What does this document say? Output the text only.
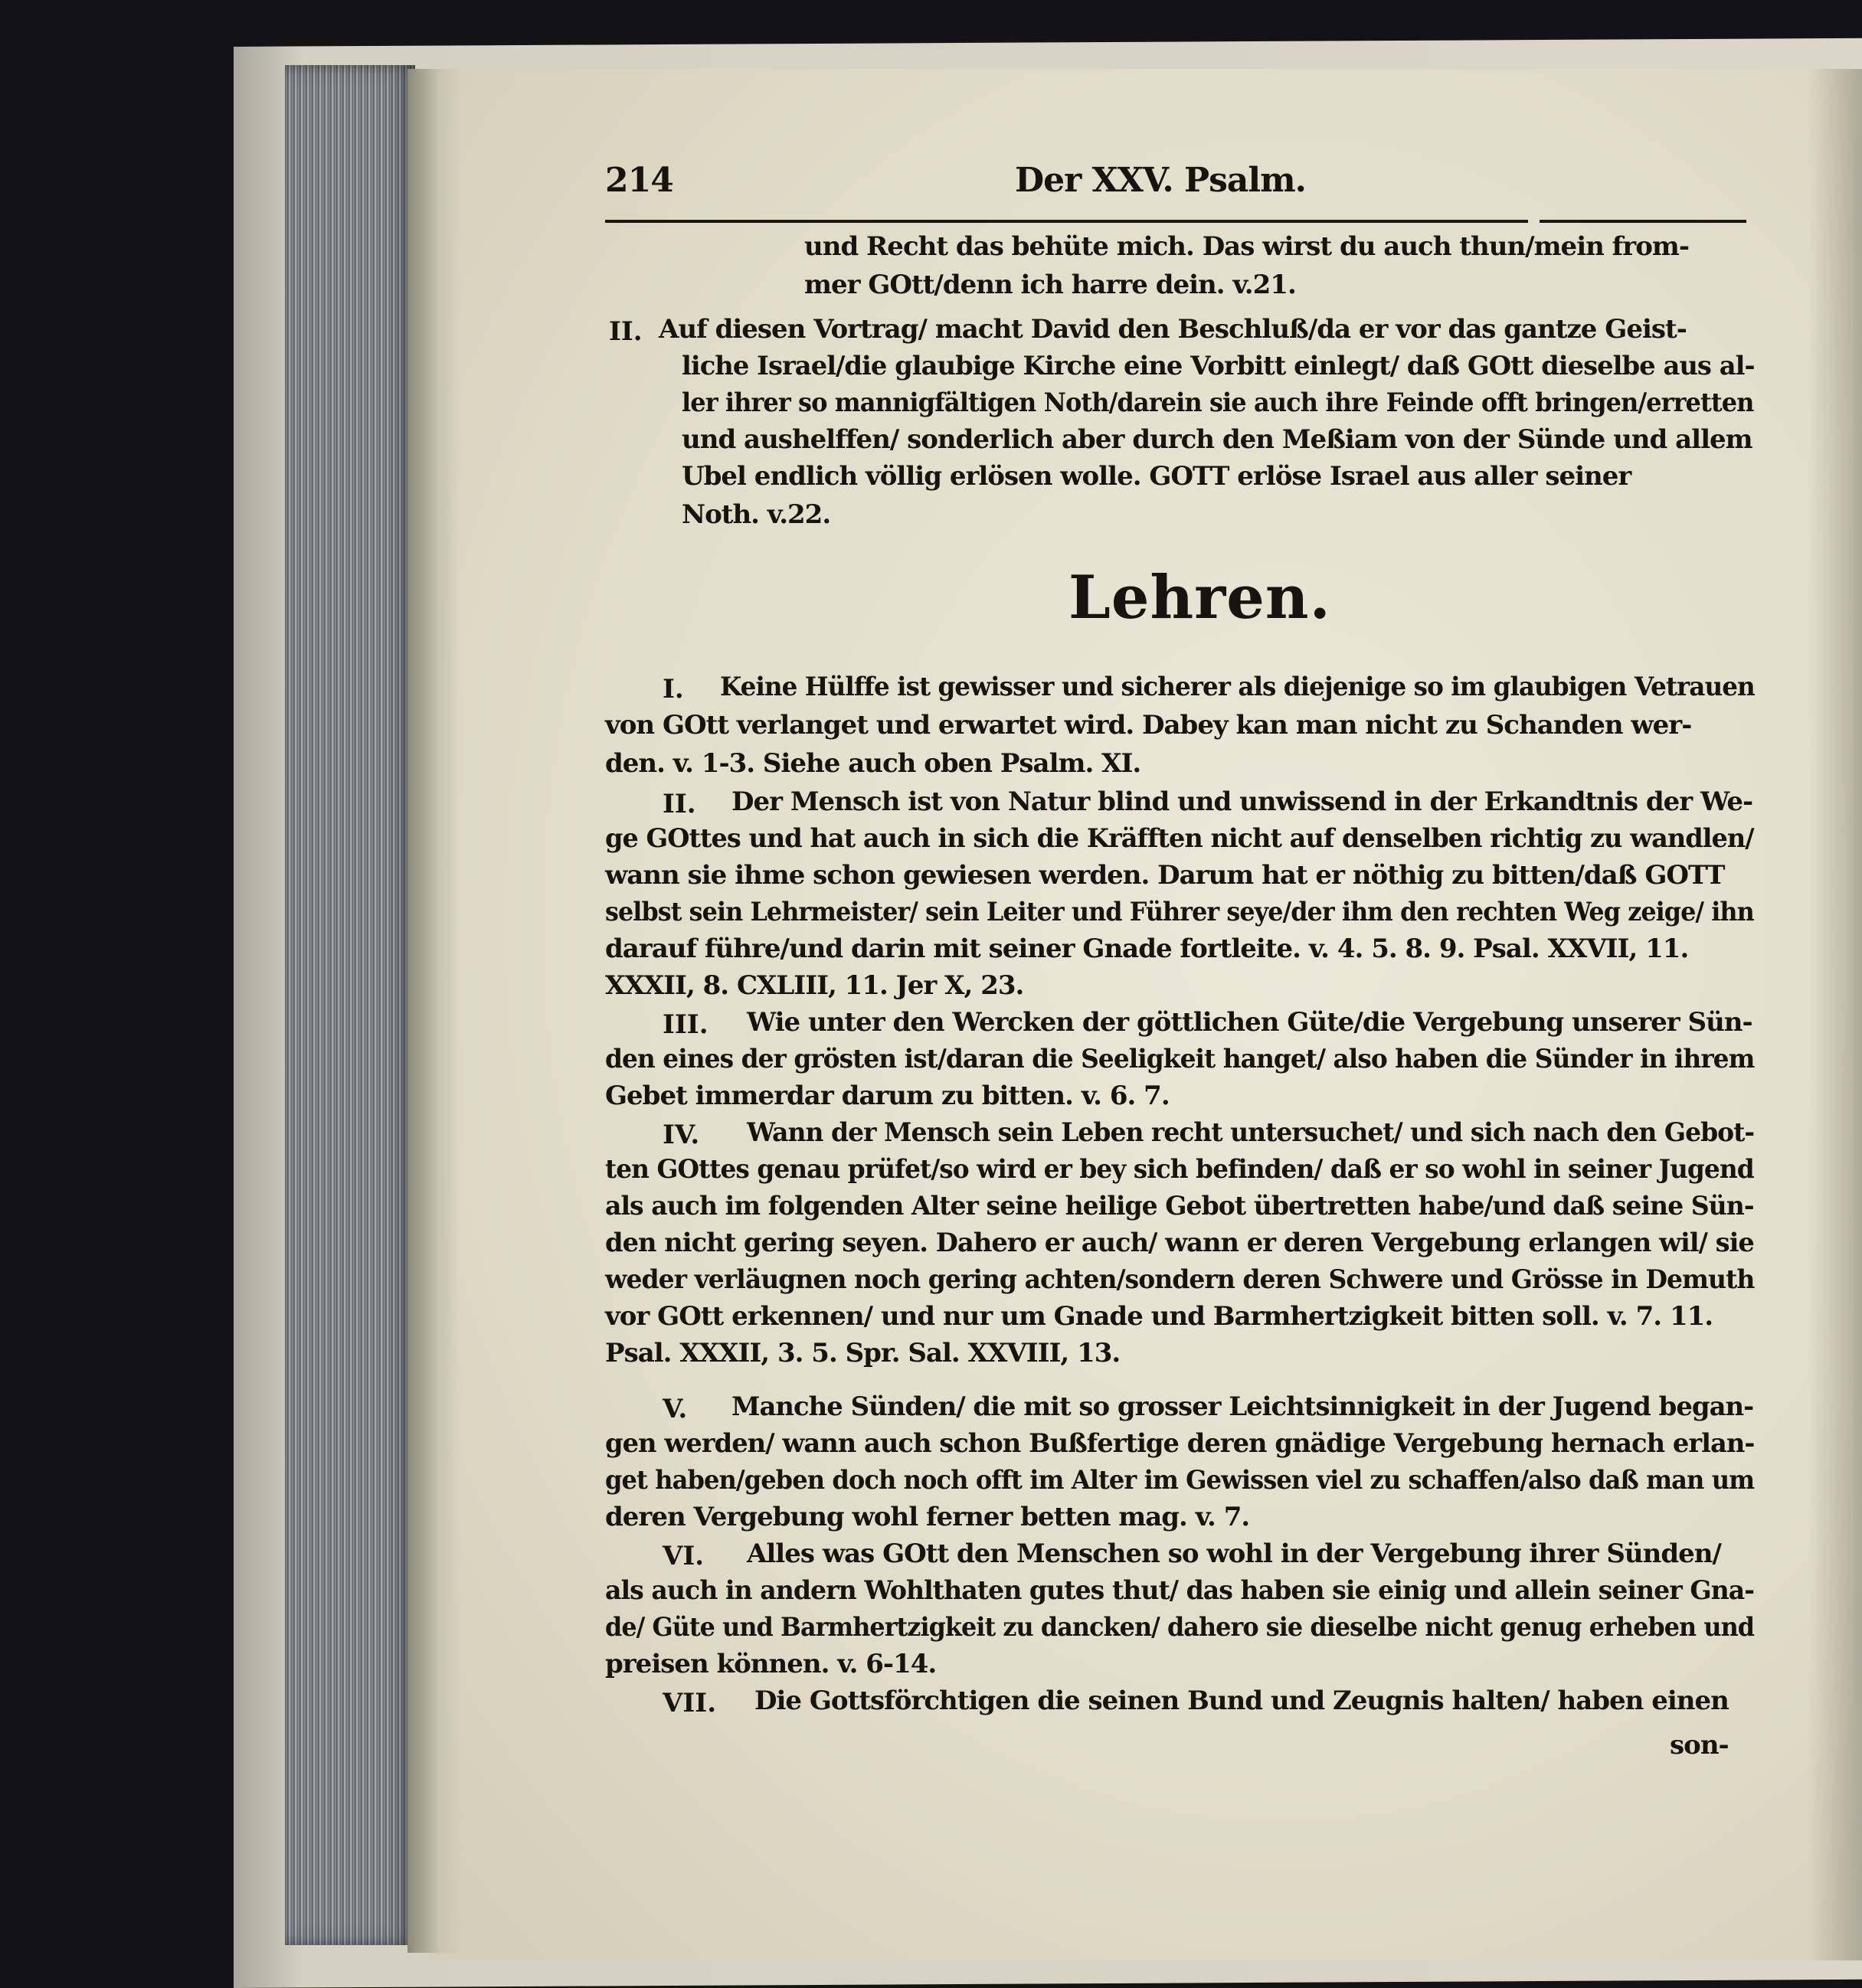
214	Der XXV. Psalm.
und Recht das behüte mich. Das wirst du auch thun/mein from-
mer GOtt/denn ich harre dein. v.21.
II. Auf diesen Vortrag/ macht David den Beschluß/da er vor das gantze Geist-
liche Israel/die glaubige Kirche eine Vorbitt einlegt/ daß GOtt dieselbe aus al-
ler ihrer so mannigfältigen Noth/darein sie auch ihre Feinde offt bringen/erretten
und aushelffen/ sonderlich aber durch den Meßiam von der Sünde und allem
Ubel endlich völlig erlösen wolle. GOTT erlöse Israel aus aller seiner
Noth. v.22.
Lehren.
I. Keine Hülffe ist gewisser und sicherer als diejenige so im glaubigen Vetrauen
von GOtt verlanget und erwartet wird. Dabey kan man nicht zu Schanden wer-
den. v. 1-3. Siehe auch oben Psalm. XI.
II. Der Mensch ist von Natur blind und unwissend in der Erkandtnis der We-
ge GOttes und hat auch in sich die Kräfften nicht auf denselben richtig zu wandlen/
wann sie ihme schon gewiesen werden. Darum hat er nöthig zu bitten/daß GOTT
selbst sein Lehrmeister/ sein Leiter und Führer seye/der ihm den rechten Weg zeige/ ihn
darauf führe/und darin mit seiner Gnade fortleite. v. 4. 5. 8. 9. Psal. XXVII, 11.
XXXII, 8. CXLIII, 11. Jer X, 23.
III. Wie unter den Wercken der göttlichen Güte/die Vergebung unserer Sün-
den eines der grösten ist/daran die Seeligkeit hanget/ also haben die Sünder in ihrem
Gebet immerdar darum zu bitten. v. 6. 7.
IV. Wann der Mensch sein Leben recht untersuchet/ und sich nach den Gebot-
ten GOttes genau prüfet/so wird er bey sich befinden/ daß er so wohl in seiner Jugend
als auch im folgenden Alter seine heilige Gebot übertretten habe/und daß seine Sün-
den nicht gering seyen. Dahero er auch/ wann er deren Vergebung erlangen wil/ sie
weder verläugnen noch gering achten/sondern deren Schwere und Grösse in Demuth
vor GOtt erkennen/ und nur um Gnade und Barmhertzigkeit bitten soll. v. 7. 11.
Psal. XXXII, 3. 5. Spr. Sal. XXVIII, 13.
V. Manche Sünden/ die mit so grosser Leichtsinnigkeit in der Jugend began-
gen werden/ wann auch schon Bußfertige deren gnädige Vergebung hernach erlan-
get haben/geben doch noch offt im Alter im Gewissen viel zu schaffen/also daß man um
deren Vergebung wohl ferner betten mag. v. 7.
VI. Alles was GOtt den Menschen so wohl in der Vergebung ihrer Sünden/
als auch in andern Wohlthaten gutes thut/ das haben sie einig und allein seiner Gna-
de/ Güte und Barmhertzigkeit zu dancken/ dahero sie dieselbe nicht genug erheben und
preisen können. v. 6-14.
VII. Die Gottsförchtigen die seinen Bund und Zeugnis halten/ haben einen
son-
